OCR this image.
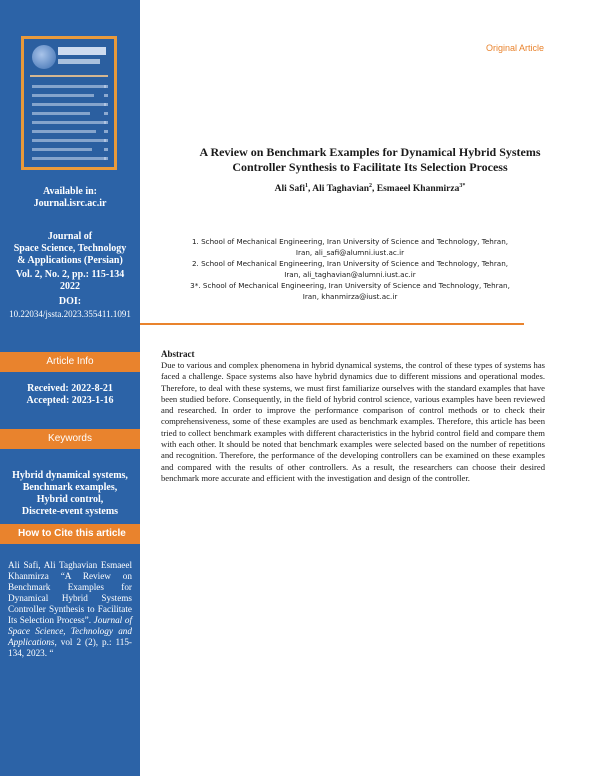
Available in:
Journal.isrc.ac.ir
Journal of
Space Science, Technology
& Applications (Persian)
Vol. 2, No. 2, pp.: 115-134
2022
DOI:
10.22034/jssta.2023.355411.1091
Article Info
Received: 2022-8-21
Accepted: 2023-1-16
Keywords
Hybrid dynamical systems,
Benchmark examples,
Hybrid control,
Discrete-event systems
How to Cite this article
Ali Safi, Ali Taghavian Esmaeel Khanmirza “A Review on Benchmark Examples for Dynamical Hybrid Systems Controller Synthesis to Facilitate Its Selection Process”. Journal of Space Science, Technology and Applications, vol 2 (2), p.: 115-134, 2023. “
Original Article
A Review on Benchmark Examples for Dynamical Hybrid Systems
Controller Synthesis to Facilitate Its Selection Process
Ali Safi$^1$, Ali Taghavian$^2$, Esmaeel Khanmirza$^{3*}$
1. School of Mechanical Engineering, Iran University of Science and Technology, Tehran,
Iran, ali_safi@alumni.iust.ac.ir
2. School of Mechanical Engineering, Iran University of Science and Technology, Tehran,
Iran, ali_taghavian@alumni.iust.ac.ir
3*. School of Mechanical Engineering, Iran University of Science and Technology, Tehran,
Iran, khanmirza@iust.ac.ir
Abstract
Due to various and complex phenomena in hybrid dynamical systems, the control of these types of systems has faced a challenge. Space systems also have hybrid dynamics due to different missions and operational modes. Therefore, to deal with these systems, we must first familiarize ourselves with the standard examples that have been studied before. Consequently, in the field of hybrid control science, various examples have been reviewed and researched. In order to improve the performance comparison of control methods or to check their comprehensiveness, some of these examples are used as benchmark examples. Therefore, this article has been tried to collect benchmark examples with different characteristics in the hybrid control field and compare them with each other. It should be noted that benchmark examples were selected based on the number of repetitions and recognition. Therefore, the performance of the developing controllers can be examined on these examples and compared with the results of other controllers. As a result, the researchers can choose their desired benchmark more accurate and efficient with the investigation and design of the controller.
